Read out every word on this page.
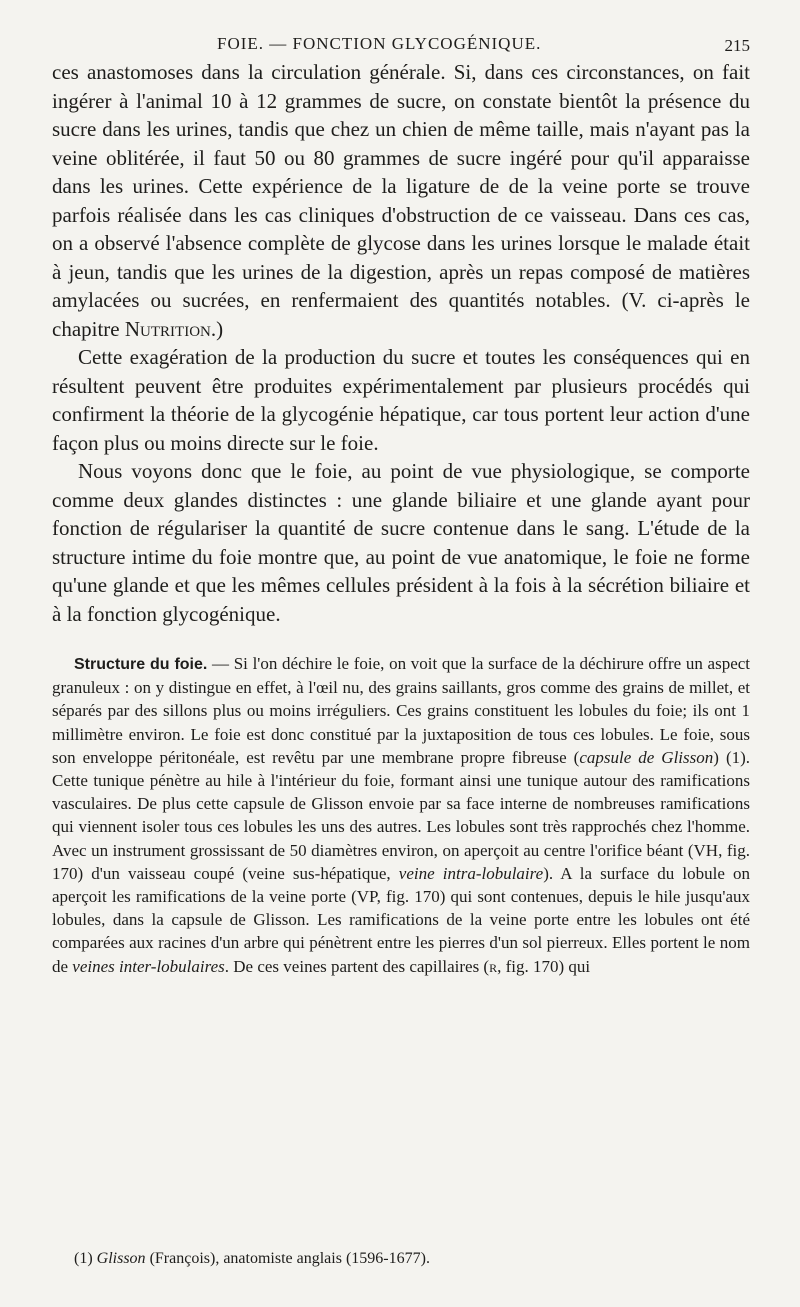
FOIE. — FONCTION GLYCOGÉNIQUE.	215

ces anastomoses dans la circulation générale. Si, dans ces circonstances, on fait ingérer à l'animal 10 à 12 grammes de sucre, on constate bientôt la présence du sucre dans les urines, tandis que chez un chien de même taille, mais n'ayant pas la veine oblitérée, il faut 50 ou 80 grammes de sucre ingéré pour qu'il apparaisse dans les urines. Cette expérience de la ligature de de la veine porte se trouve parfois réalisée dans les cas cliniques d'obstruction de ce vaisseau. Dans ces cas, on a observé l'absence complète de glycose dans les urines lorsque le malade était à jeun, tandis que les urines de la digestion, après un repas composé de matières amylacées ou sucrées, en renfermaient des quantités notables. (V. ci-après le chapitre Nutrition.)

Cette exagération de la production du sucre et toutes les conséquences qui en résultent peuvent être produites expérimentalement par plusieurs procédés qui confirment la théorie de la glycogénie hépatique, car tous portent leur action d'une façon plus ou moins directe sur le foie.

Nous voyons donc que le foie, au point de vue physiologique, se comporte comme deux glandes distinctes : une glande biliaire et une glande ayant pour fonction de régulariser la quantité de sucre contenue dans le sang. L'étude de la structure intime du foie montre que, au point de vue anatomique, le foie ne forme qu'une glande et que les mêmes cellules président à la fois à la sécrétion biliaire et à la fonction glycogénique.

Structure du foie. — Si l'on déchire le foie, on voit que la surface de la déchirure offre un aspect granuleux : on y distingue en effet, à l'œil nu, des grains saillants, gros comme des grains de millet, et séparés par des sillons plus ou moins irréguliers. Ces grains constituent les lobules du foie; ils ont 1 millimètre environ. Le foie est donc constitué par la juxtaposition de tous ces lobules. Le foie, sous son enveloppe péritonéale, est revêtu par une membrane propre fibreuse (capsule de Glisson) (1). Cette tunique pénètre au hile à l'intérieur du foie, formant ainsi une tunique autour des ramifications vasculaires. De plus cette capsule de Glisson envoie par sa face interne de nombreuses ramifications qui viennent isoler tous ces lobules les uns des autres. Les lobules sont très rapprochés chez l'homme. Avec un instrument grossissant de 50 diamètres environ, on aperçoit au centre l'orifice béant (VH, fig. 170) d'un vaisseau coupé (veine sus-hépatique, veine intra-lobulaire). A la surface du lobule on aperçoit les ramifications de la veine porte (VP, fig. 170) qui sont contenues, depuis le hile jusqu'aux lobules, dans la capsule de Glisson. Les ramifications de la veine porte entre les lobules ont été comparées aux racines d'un arbre qui pénètrent entre les pierres d'un sol pierreux. Elles portent le nom de veines inter-lobulaires. De ces veines partent des capillaires (r, fig. 170) qui

(1) Glisson (François), anatomiste anglais (1596-1677).
